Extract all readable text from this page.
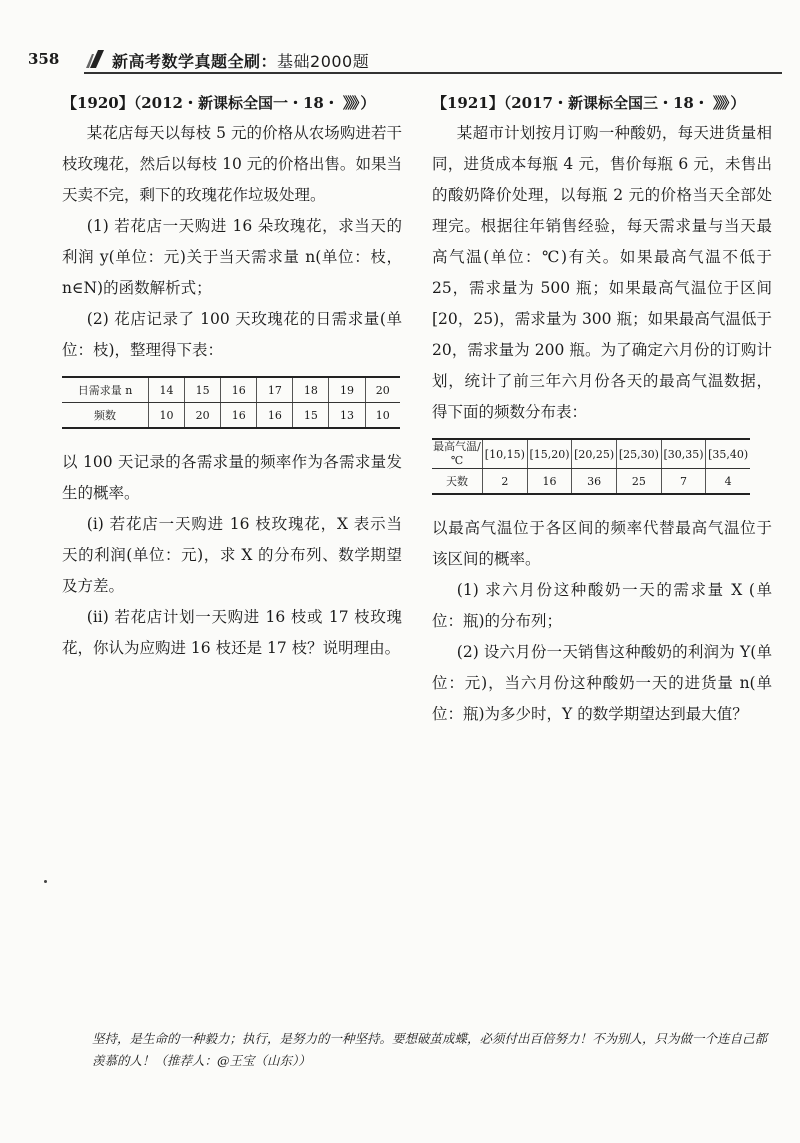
358	新高考数学真题全刷：基础2000题
【1920】（2012・新课标全国一・18・ 》》》 ）
某花店每天以每枝 5 元的价格从农场购进若干枝玫瑰花，然后以每枝 10 元的价格出售。如果当天卖不完，剩下的玫瑰花作垃圾处理。
(1) 若花店一天购进 16 朵玫瑰花，求当天的利润 y(单位：元)关于当天需求量 n(单位：枝，n∈N)的函数解析式；
(2) 花店记录了 100 天玫瑰花的日需求量(单位：枝)，整理得下表：
日需求量 n	14	15	16	17	18	19	20
频数	10	20	16	16	15	13	10
以 100 天记录的各需求量的频率作为各需求量发生的概率。
(i) 若花店一天购进 16 枝玫瑰花，X 表示当天的利润(单位：元)，求 X 的分布列、数学期望及方差。
(ii) 若花店计划一天购进 16 枝或 17 枝玫瑰花，你认为应购进 16 枝还是 17 枝？说明理由。
【1921】（2017・新课标全国三・18・ 》》》 ）
某超市计划按月订购一种酸奶，每天进货量相同，进货成本每瓶 4 元，售价每瓶 6 元，未售出的酸奶降价处理，以每瓶 2 元的价格当天全部处理完。根据往年销售经验，每天需求量与当天最高气温(单位：℃)有关。如果最高气温不低于 25，需求量为 500 瓶；如果最高气温位于区间[20，25)，需求量为 300 瓶；如果最高气温低于 20，需求量为 200 瓶。为了确定六月份的订购计划，统计了前三年六月份各天的最高气温数据，得下面的频数分布表：
最高气温/℃	[10,15)	[15,20)	[20,25)	[25,30)	[30,35)	[35,40)
天数	2	16	36	25	7	4
以最高气温位于各区间的频率代替最高气温位于该区间的概率。
(1) 求六月份这种酸奶一天的需求量 X (单位：瓶)的分布列；
(2) 设六月份一天销售这种酸奶的利润为 Y(单位：元)，当六月份这种酸奶一天的进货量 n(单位：瓶)为多少时，Y 的数学期望达到最大值？
坚持，是生命的一种毅力；执行，是努力的一种坚持。要想破茧成蝶，必须付出百倍努力！不为别人，只为做一个连自己都羡慕的人！（推荐人：@王宝（山东））
